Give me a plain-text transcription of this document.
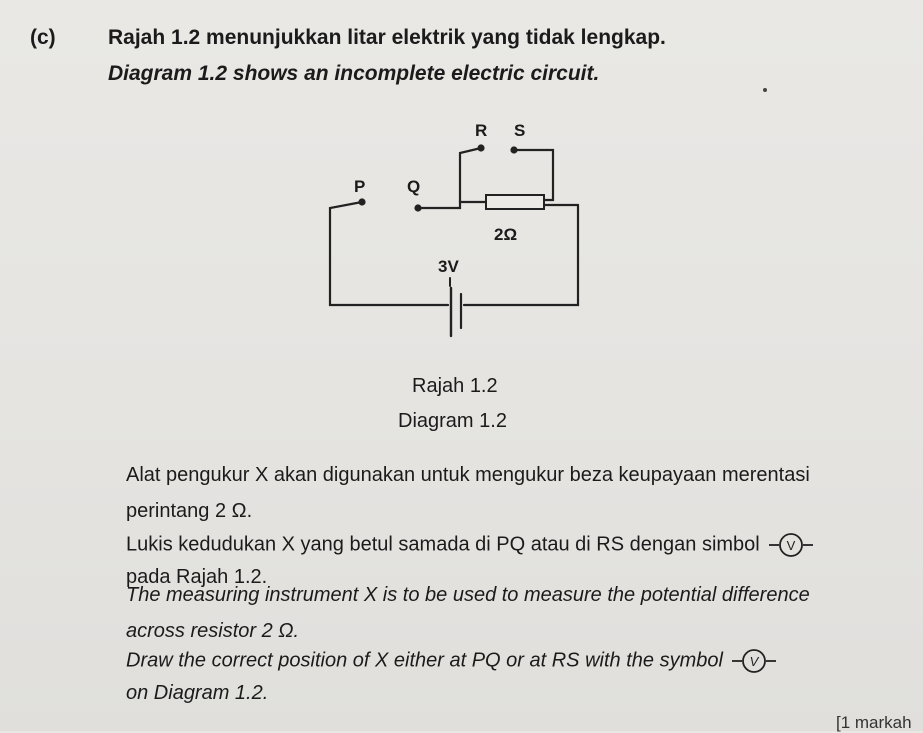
(c) Rajah 1.2 menunjukkan litar elektrik yang tidak lengkap.
Diagram 1.2 shows an incomplete electric circuit.
R S
P Q
2Ω
3V
Rajah 1.2
Diagram 1.2
Alat pengukur X akan digunakan untuk mengukur beza keupayaan merentasi
perintang 2 Ω.
Lukis kedudukan X yang betul samada di PQ atau di RS dengan simbol V
pada Rajah 1.2.
The measuring instrument X is to be used to measure the potential difference
across resistor 2 Ω.
Draw the correct position of X either at PQ or at RS with the symbol V
on Diagram 1.2.
[1 markah
